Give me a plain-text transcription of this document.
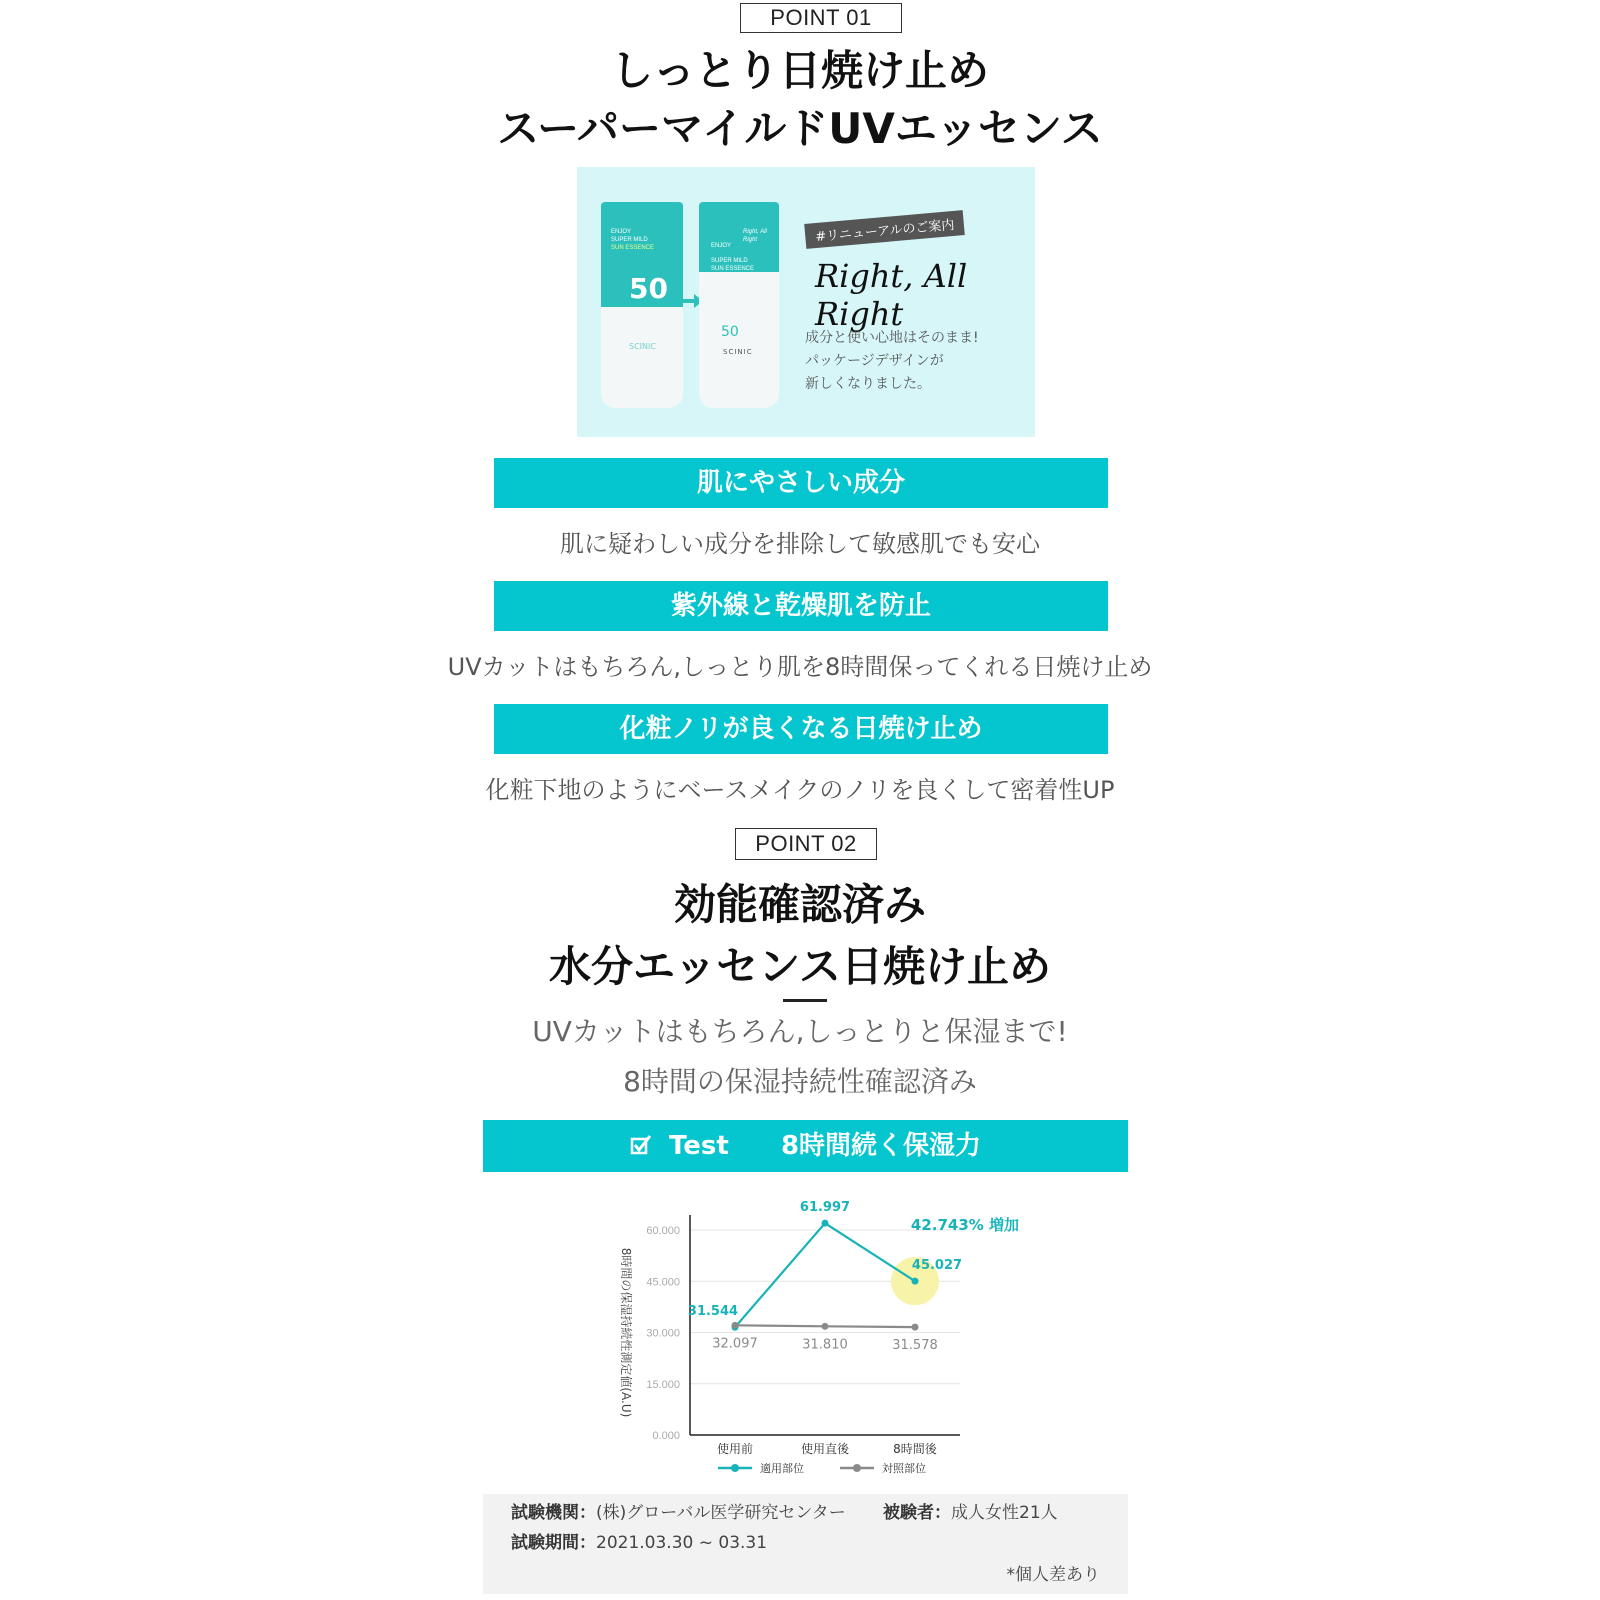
POINT 01
しっとり日焼け止め
スーパーマイルドUVエッセンス
ENJOY
SUPER MILD
SUN ESSENCE
50
SCINIC
Right, All Right
ENJOY
SUPER MILD
SUN ESSENCE
50
SCINIC
#リニューアルのご案内
Right, All Right
成分と使い心地はそのまま!
パッケージデザインが
新しくなりました。
肌にやさしい成分
肌に疑わしい成分を排除して敏感肌でも安心
紫外線と乾燥肌を防止
UVカットはもちろん,しっとり肌を8時間保ってくれる日焼け止め
化粧ノリが良くなる日焼け止め
化粧下地のようにベースメイクのノリを良くして密着性UP
POINT 02
効能確認済み
水分エッセンス日焼け止め
UVカットはもちろん,しっとりと保湿まで!
8時間の保湿持続性確認済み
Test 8時間続く保湿力
0.000
15.000
30.000
45.000
60.000
8時間の保湿持続性測定値(A.U)
使用前	使用直後	8時間後
31.544
61.997
45.027
32.097	31.810	31.578
42.743% 増加
適用部位	対照部位
試験機関：(株)グローバル医学研究センター 被験者：成人女性21人
試験期間：2021.03.30 ~ 03.31
*個人差あり
